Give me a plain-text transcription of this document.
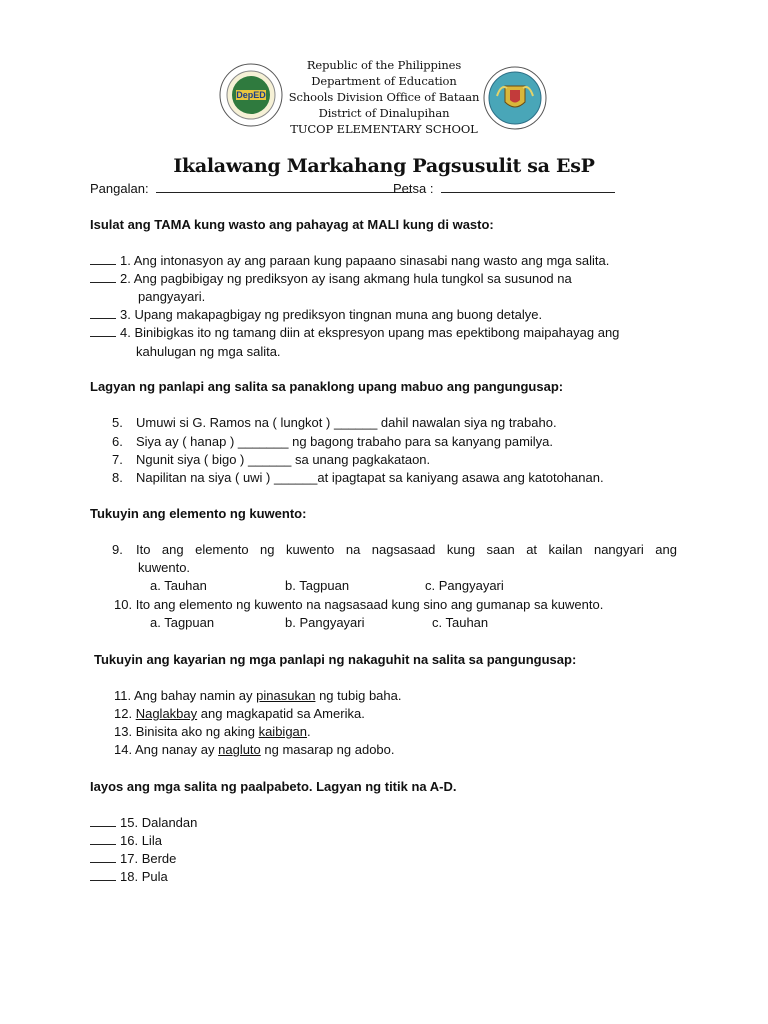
DepED
Republic of the Philippines
Department of Education
Schools Division Office of Bataan
District of Dinalupihan
TUCOP ELEMENTARY SCHOOL
Ikalawang Markahang Pagsusulit sa EsP
Pangalan:	Petsa :
Isulat ang TAMA kung wasto ang pahayag at MALI kung di wasto:
1. Ang intonasyon ay ang paraan kung papaano sinasabi nang wasto ang mga salita.
2. Ang pagbibigay ng prediksyon ay isang akmang hula tungkol sa susunod na
pangyayari.
3. Upang makapagbigay ng prediksyon tingnan muna ang buong detalye.
4. Binibigkas ito ng tamang diin at ekspresyon upang mas epektibong maipahayag ang
kahulugan ng mga salita.
Lagyan ng panlapi ang salita sa panaklong upang mabuo ang pangungusap:
5. Umuwi si G. Ramos na ( lungkot ) ______ dahil nawalan siya ng trabaho.
6. Siya ay ( hanap ) _______ ng bagong trabaho para sa kanyang pamilya.
7. Ngunit siya ( bigo ) ______ sa unang pagkakataon.
8. Napilitan na siya ( uwi ) ______at ipagtapat sa kaniyang asawa ang katotohanan.
Tukuyin ang elemento ng kuwento:
9.	Ito ang elemento ng kuwento na nagsasaad kung saan at kailan nangyari ang
kuwento.
a. Tauhan	b. Tagpuan	c. Pangyayari
10. Ito ang elemento ng kuwento na nagsasaad kung sino ang gumanap sa kuwento.
a. Tagpuan	b. Pangyayari	c. Tauhan
Tukuyin ang kayarian ng mga panlapi ng nakaguhit na salita sa pangungusap:
11. Ang bahay namin ay pinasukan ng tubig baha.
12. Naglakbay ang magkapatid sa Amerika.
13. Binisita ako ng aking kaibigan.
14. Ang nanay ay nagluto ng masarap ng adobo.
Iayos ang mga salita ng paalpabeto. Lagyan ng titik na A-D.
15. Dalandan
16. Lila
17. Berde
18. Pula
